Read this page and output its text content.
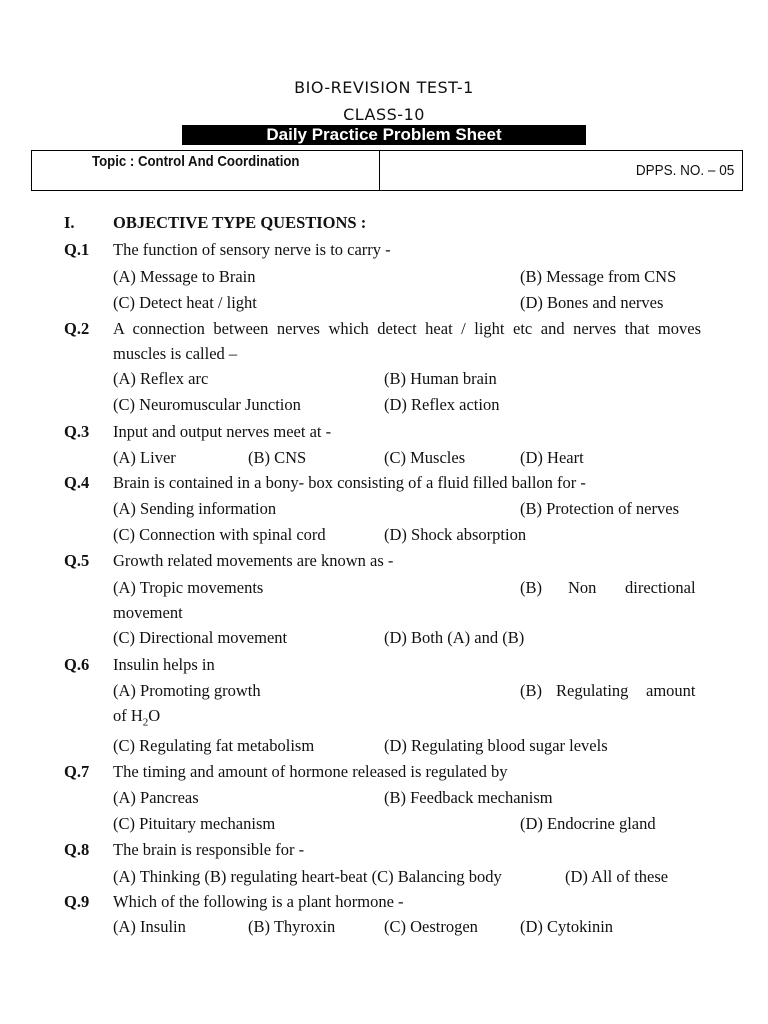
BIO-REVISION TEST-1
CLASS-10
Daily Practice Problem Sheet
Topic : Control And Coordination
DPPS. NO. – 05
I. OBJECTIVE TYPE QUESTIONS :
Q.1 The function of sensory nerve is to carry -
(A) Message to Brain	(B) Message from CNS
(C) Detect heat / light	(D) Bones and nerves
Q.2 A connection between nerves which detect heat / light etc and nerves that moves
muscles is called –
(A) Reflex arc	(B) Human brain
(C) Neuromuscular Junction	(D) Reflex action
Q.3 Input and output nerves meet at -
(A) Liver	(B) CNS	(C) Muscles	(D) Heart
Q.4 Brain is contained in a bony- box consisting of a fluid filled ballon for -
(A) Sending information	(B) Protection of nerves
(C) Connection with spinal cord	(D) Shock absorption
Q.5 Growth related movements are known as -
(A) Tropic movements	(B) Non directional
movement
(C) Directional movement	(D) Both (A) and (B)
Q.6 Insulin helps in
(A) Promoting growth	(B) Regulating amount
of $H_2O$
(C) Regulating fat metabolism	(D) Regulating blood sugar levels
Q.7 The timing and amount of hormone released is regulated by
(A) Pancreas	(B) Feedback mechanism
(C) Pituitary mechanism	(D) Endocrine gland
Q.8 The brain is responsible for -
(A) Thinking (B) regulating heart-beat (C) Balancing body	(D) All of these
Q.9 Which of the following is a plant hormone -
(A) Insulin	(B) Thyroxin	(C) Oestrogen	(D) Cytokinin
